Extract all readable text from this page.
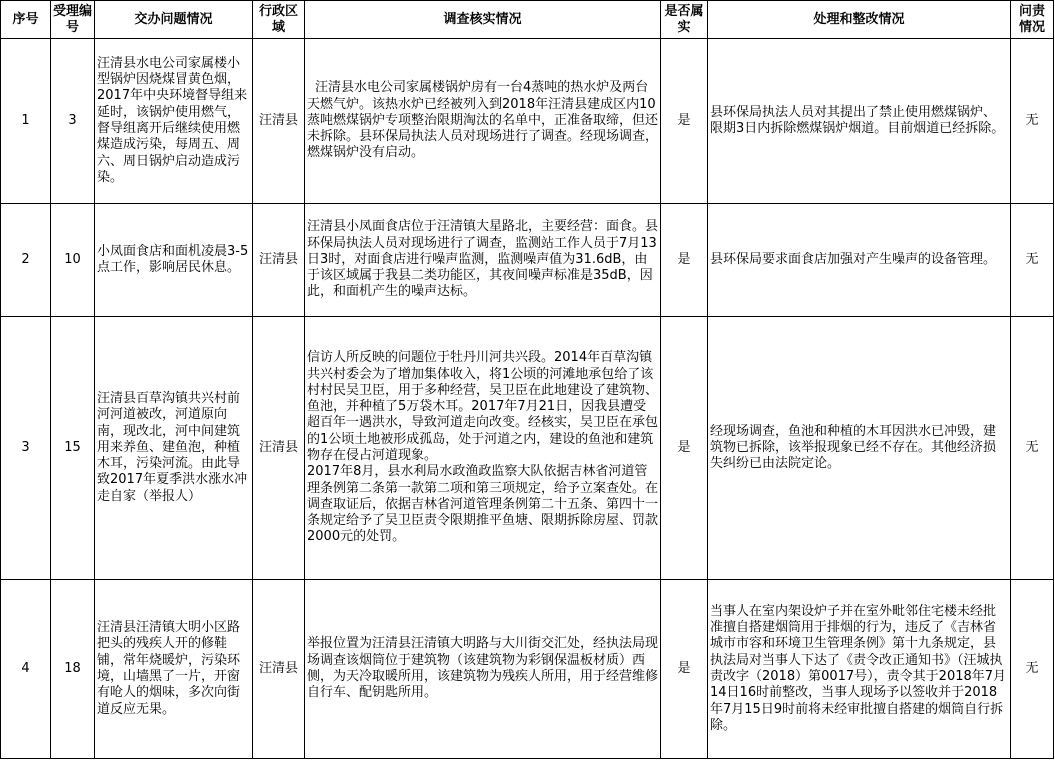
序号	受理编号	交办问题情况	行政区域	调查核实情况	是否属实	处理和整改情况	问责情况
1	3	汪清县水电公司家属楼小型锅炉因烧煤冒黄色烟，2017年中央环境督导组来延时，该锅炉使用燃气，督导组离开后继续使用燃煤造成污染，每周五、周六、周日锅炉启动造成污染。	汪清县	汪清县水电公司家属楼锅炉房有一台4蒸吨的热水炉及两台天燃气炉。该热水炉已经被列入到2018年汪清县建成区内10蒸吨燃煤锅炉专项整治限期淘汰的名单中，正准备取缔，但还未拆除。县环保局执法人员对现场进行了调查。经现场调查，燃煤锅炉没有启动。	是	县环保局执法人员对其提出了禁止使用燃煤锅炉、限期3日内拆除燃煤锅炉烟道。目前烟道已经拆除。	无
2	10	小凤面食店和面机凌晨3-5点工作，影响居民休息。	汪清县	汪清县小凤面食店位于汪清镇大星路北，主要经营：面食。县环保局执法人员对现场进行了调查，监测站工作人员于7月13日3时，对面食店进行噪声监测，监测噪声值为31.6dB，由于该区域属于我县二类功能区，其夜间噪声标准是35dB，因此，和面机产生的噪声达标。	是	县环保局要求面食店加强对产生噪声的设备管理。	无
3	15	汪清县百草沟镇共兴村前河河道被改，河道原向南，现改北，河中间建筑用来养鱼、建鱼泡，种植木耳，污染河流。由此导致2017年夏季洪水涨水冲走自家（举报人）	汪清县	信访人所反映的问题位于牡丹川河共兴段。2014年百草沟镇共兴村委会为了增加集体收入，将1公顷的河滩地承包给了该村村民吴卫臣，用于多种经营，吴卫臣在此地建设了建筑物、鱼池，并种植了5万袋木耳。2017年7月21日，因我县遭受超百年一遇洪水，导致河道走向改变。经核实，吴卫臣在承包的1公顷土地被形成孤岛，处于河道之内，建设的鱼池和建筑物存在侵占河道现象。
2017年8月，县水利局水政渔政监察大队依据吉林省河道管理条例第二条第一款第二项和第三项规定，给予立案查处。在调查取证后，依据吉林省河道管理条例第二十五条、第四十一条规定给予了吴卫臣责令限期推平鱼塘、限期拆除房屋、罚款2000元的处罚。	是	经现场调查，鱼池和种植的木耳因洪水已冲毁，建筑物已拆除，该举报现象已经不存在。其他经济损失纠纷已由法院定论。	无
4	18	汪清县汪清镇大明小区路把头的残疾人开的修鞋铺，常年烧暖炉，污染环境，山墙黑了一片，开窗有呛人的烟味，多次向街道反应无果。	汪清县	举报位置为汪清县汪清镇大明路与大川街交汇处，经执法局现场调查该烟筒位于建筑物（该建筑物为彩钢保温板材质）西侧，为天冷取暖所用，该建筑物为残疾人所用，用于经营维修自行车、配钥匙所用。	是	当事人在室内架设炉子并在室外毗邻住宅楼未经批准擅自搭建烟筒用于排烟的行为，违反了《吉林省城市市容和环境卫生管理条例》第十九条规定，县执法局对当事人下达了《责令改正通知书》（汪城执责改字（2018）第0017号），责令其于2018年7月14日16时前整改，当事人现场予以签收并于2018年7月15日9时前将未经审批擅自搭建的烟筒自行拆除。	无
